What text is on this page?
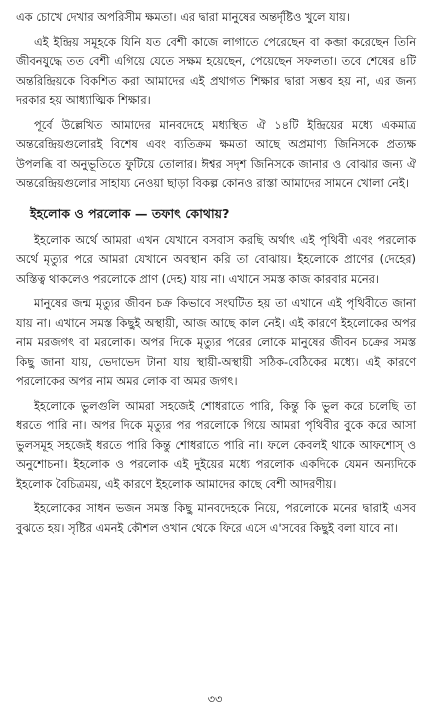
এক চোখে দেখার অপরিসীম ক্ষমতা। এর দ্বারা মানুষের অন্তর্দৃষ্টিও খুলে যায়।

এই ইন্দ্রিয় সমূহকে যিনি যত বেশী কাজে লাগাতে পেরেছেন বা কব্জা করেছেন তিনি জীবনযুদ্ধে তত বেশী এগিয়ে যেতে সক্ষম হয়েছেন, পেয়েছেন সফলতা। তবে শেষের ৪টি অন্তরিন্দ্রিয়কে বিকশিত করা আমাদের এই প্রথাগত শিক্ষার দ্বারা সম্ভব হয় না, এর জন্য দরকার হয় আধ্যাত্মিক শিক্ষার।

পূর্বে উল্লেখিত আমাদের মানবদেহে মধ্যস্থিত ঐ ১৪টি ইন্দ্রিয়ের মধ্যে একমাত্র অন্তরেন্দ্রিয়গুলোরই বিশেষ এবং ব্যতিক্রম ক্ষমতা আছে অপ্রমাণ্য জিনিসকে প্রত্যক্ষ উপলব্ধি বা অনুভূতিতে ফুটিয়ে তোলার। ঈশ্বর সদৃশ জিনিসকে জানার ও বোঝার জন্য ঐ অন্তরেন্দ্রিয়গুলোর সাহায্য নেওয়া ছাড়া বিকল্প কোনও রাস্তা আমাদের সামনে খোলা নেই।

ইহলোক ও পরলোক — তফাৎ কোথায়?

ইহলোক অর্থে আমরা এখন যেখানে বসবাস করছি অর্থাৎ এই পৃথিবী এবং পরলোক অর্থে মৃত্যুর পরে আমরা যেখানে অবস্থান করি তা বোঝায়। ইহলোকে প্রাণের (দেহের) অস্তিত্ব থাকলেও পরলোকে প্রাণ (দেহ) যায় না। এখানে সমস্ত কাজ কারবার মনের।

মানুষের জন্ম মৃত্যুর জীবন চক্র কিভাবে সংঘটিত হয় তা এখানে এই পৃথিবীতে জানা যায় না। এখানে সমস্ত কিছুই অস্থায়ী, আজ আছে কাল নেই। এই কারণে ইহলোকের অপর নাম মরজগৎ বা মরলোক। অপর দিকে মৃত্যুর পরের লোকে মানুষের জীবন চক্রের সমস্ত কিছু জানা যায়, ভেদাভেদ টানা যায় স্থায়ী-অস্থায়ী সঠিক-বেঠিকের মধ্যে। এই কারণে পরলোকের অপর নাম অমর লোক বা অমর জগৎ।

ইহলোকে ভুলগুলি আমরা সহজেই শোধরাতে পারি, কিন্তু কি ভুল করে চলেছি তা ধরতে পারি না। অপর দিকে মৃত্যুর পর পরলোকে গিয়ে আমরা পৃথিবীর বুকে করে আসা ভুলসমূহ সহজেই ধরতে পারি কিন্তু শোধরাতে পারি না। ফলে কেবলই থাকে আফশোস্ ও অনুশোচনা। ইহলোক ও পরলোক এই দুইয়ের মধ্যে পরলোক একদিকে যেমন অন্যদিকে ইহলোক বৈচিত্রময়, এই কারণে ইহলোক আমাদের কাছে বেশী আদরণীয়।

ইহলোকের সাধন ভজন সমস্ত কিছু মানবদেহকে নিয়ে, পরলোকে মনের দ্বারাই এসব বুঝতে হয়। সৃষ্টির এমনই কৌশল ওখান থেকে ফিরে এসে এ'সবের কিছুই বলা যাবে না।

৩৩
